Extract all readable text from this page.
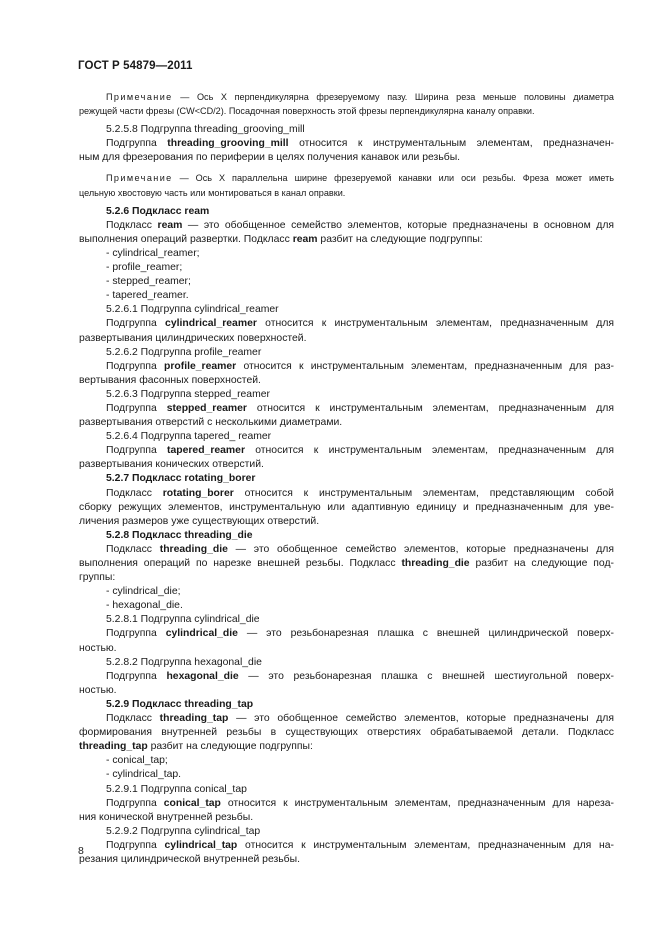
ГОСТ Р 54879—2011
Примечание — Ось X перпендикулярна фрезеруемому пазу. Ширина реза меньше половины диаметра
режущей части фрезы (CW<CD/2). Посадочная поверхность этой фрезы перпендикулярна каналу оправки.
5.2.5.8 Подгруппа threading_grooving_mill
Подгруппа threading_grooving_mill относится к инструментальным элементам, предназначен-
ным для фрезерования по периферии в целях получения канавок или резьбы.
Примечание — Ось X параллельна ширине фрезеруемой канавки или оси резьбы. Фреза может иметь
цельную хвостовую часть или монтироваться в канал оправки.
5.2.6 Подкласс ream
Подкласс ream — это обобщенное семейство элементов, которые предназначены в основном для
выполнения операций развертки. Подкласс ream разбит на следующие подгруппы:
- cylindrical_reamer;
- profile_reamer;
- stepped_reamer;
- tapered_reamer.
5.2.6.1 Подгруппа cylindrical_reamer
Подгруппа cylindrical_reamer относится к инструментальным элементам, предназначенным для
развертывания цилиндрических поверхностей.
5.2.6.2 Подгруппа profile_reamer
Подгруппа profile_reamer относится к инструментальным элементам, предназначенным для раз-
вертывания фасонных поверхностей.
5.2.6.3 Подгруппа stepped_reamer
Подгруппа stepped_reamer относится к инструментальным элементам, предназначенным для
развертывания отверстий с несколькими диаметрами.
5.2.6.4 Подгруппа tapered_ reamer
Подгруппа tapered_reamer относится к инструментальным элементам, предназначенным для
развертывания конических отверстий.
5.2.7 Подкласс rotating_borer
Подкласс rotating_borer относится к инструментальным элементам, представляющим собой
сборку режущих элементов, инструментальную или адаптивную единицу и предназначенным для уве-
личения размеров уже существующих отверстий.
5.2.8 Подкласс threading_die
Подкласс threading_die — это обобщенное семейство элементов, которые предназначены для
выполнения операций по нарезке внешней резьбы. Подкласс threading_die разбит на следующие под-
группы:
- cylindrical_die;
- hexagonal_die.
5.2.8.1 Подгруппа cylindrical_die
Подгруппа cylindrical_die — это резьбонарезная плашка с внешней цилиндрической поверх-
ностью.
5.2.8.2 Подгруппа hexagonal_die
Подгруппа hexagonal_die — это резьбонарезная плашка с внешней шестиугольной поверх-
ностью.
5.2.9 Подкласс threading_tap
Подкласс threading_tap — это обобщенное семейство элементов, которые предназначены для
формирования внутренней резьбы в существующих отверстиях обрабатываемой детали. Подкласс
threading_tap разбит на следующие подгруппы:
- conical_tap;
- cylindrical_tap.
5.2.9.1 Подгруппа conical_tap
Подгруппа conical_tap относится к инструментальным элементам, предназначенным для нареза-
ния конической внутренней резьбы.
5.2.9.2 Подгруппа cylindrical_tap
Подгруппа cylindrical_tap относится к инструментальным элементам, предназначенным для на-
резания цилиндрической внутренней резьбы.
8
